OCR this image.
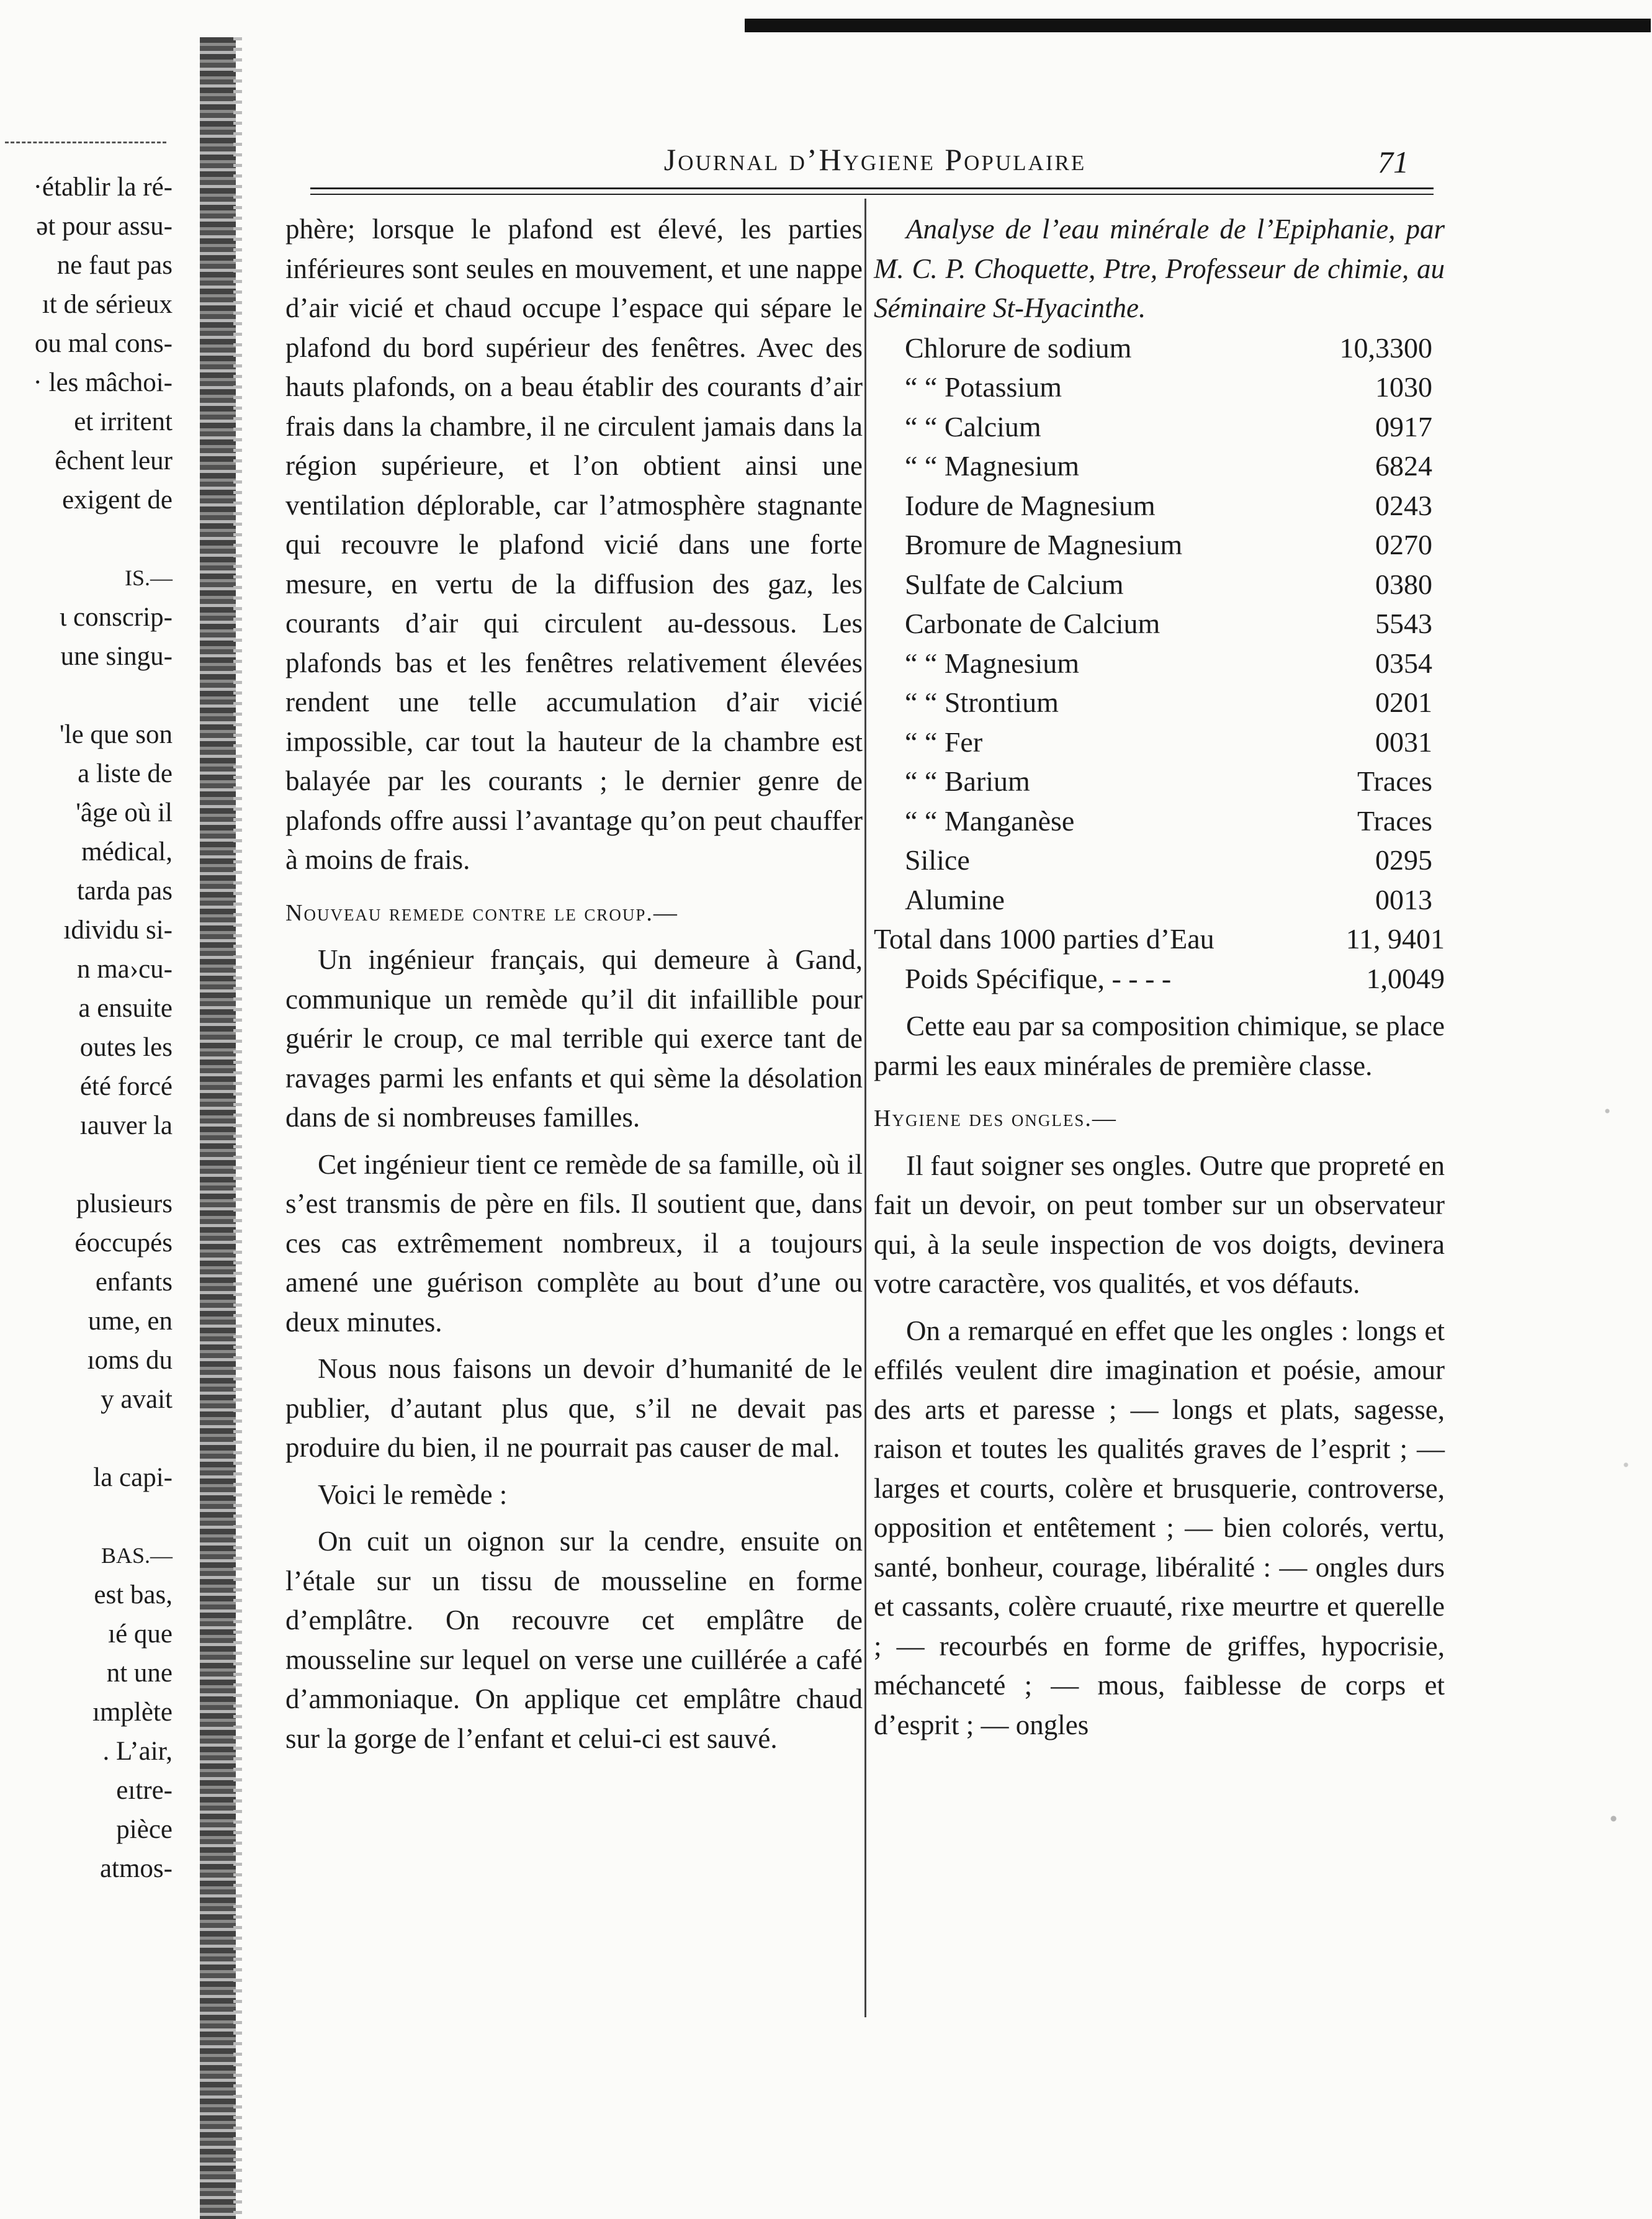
Journal d’Hygiene Populaire	71
·établir la ré-
ət pour assu-
ne faut pas
ıt de sérieux
ou mal cons-
· les mâchoi-
et irritent
êchent leur
exigent de
IS.—
ι conscrip-
une singu-
'le que son
a liste de
'âge où il
médical,
tarda pas
ıdividu si-
n ma›cu-
a ensuite
outes les
été forcé
ıauver la
plusieurs
éoccupés
enfants
ume, en
ıoms du
y avait
la capi-
BAS.—
est bas,
ıé que
nt une
ımplète
. L’air,
eıtre-
pièce
atmos-

phère; lorsque le plafond est élevé, les parties inférieures sont seules en mouvement, et une nappe d’air vicié et chaud occupe l’espace qui sépare le plafond du bord supérieur des fenêtres. Avec des hauts plafonds, on a beau établir des courants d’air frais dans la chambre, il ne circulent jamais dans la région supérieure, et l’on obtient ainsi une ventilation déplorable, car l’atmosphère stagnante qui recouvre le plafond vicié dans une forte mesure, en vertu de la diffusion des gaz, les courants d’air qui circulent au-dessous. Les plafonds bas et les fenêtres relativement élevées rendent une telle accumulation d’air vicié impossible, car tout la hauteur de la chambre est balayée par les courants ; le dernier genre de plafonds offre aussi l’avantage qu’on peut chauffer à moins de frais.

Nouveau remede contre le croup.—

Un ingénieur français, qui demeure à Gand, communique un remède qu’il dit infaillible pour guérir le croup, ce mal terrible qui exerce tant de ravages parmi les enfants et qui sème la désolation dans de si nombreuses familles.

Cet ingénieur tient ce remède de sa famille, où il s’est transmis de père en fils. Il soutient que, dans ces cas extrêmement nombreux, il a toujours amené une guérison complète au bout d’une ou deux minutes.

Nous nous faisons un devoir d’humanité de le publier, d’autant plus que, s’il ne devait pas produire du bien, il ne pourrait pas causer de mal.

Voici le remède :

On cuit un oignon sur la cendre, ensuite on l’étale sur un tissu de mousseline en forme d’emplâtre. On recouvre cet emplâtre de mousseline sur lequel on verse une cuillérée a café d’ammoniaque. On applique cet emplâtre chaud sur la gorge de l’enfant et celui-ci est sauvé.

Analyse de l’eau minérale de l’Epiphanie, par M. C. P. Choquette, Ptre, Professeur de chimie, au Séminaire St-Hyacinthe.

Chlorure de sodium	10,3300
“ “ Potassium	1030
“ “ Calcium	0917
“ “ Magnesium	6824
Iodure de Magnesium	0243
Bromure de Magnesium	0270
Sulfate de Calcium	0380
Carbonate de Calcium	5543
“ “ Magnesium	0354
“ “ Strontium	0201
“ “ Fer	0031
“ “ Barium	Traces
“ “ Manganèse	Traces
Silice	0295
Alumine	0013
Total dans 1000 parties d’Eau	11, 9401
Poids Spécifique, - - - -	1,0049

Cette eau par sa composition chimique, se place parmi les eaux minérales de première classe.

Hygiene des ongles.—

Il faut soigner ses ongles. Outre que propreté en fait un devoir, on peut tomber sur un observateur qui, à la seule inspection de vos doigts, devinera votre caractère, vos qualités, et vos défauts.

On a remarqué en effet que les ongles : longs et effilés veulent dire imagination et poésie, amour des arts et paresse ; — longs et plats, sagesse, raison et toutes les qualités graves de l’esprit ; —larges et courts, colère et brusquerie, controverse, opposition et entêtement ; — bien colorés, vertu, santé, bonheur, courage, libéralité : — ongles durs et cassants, colère cruauté, rixe meurtre et querelle ; — recourbés en forme de griffes, hypocrisie, méchanceté ; — mous, faiblesse de corps et d’esprit ; — ongles
